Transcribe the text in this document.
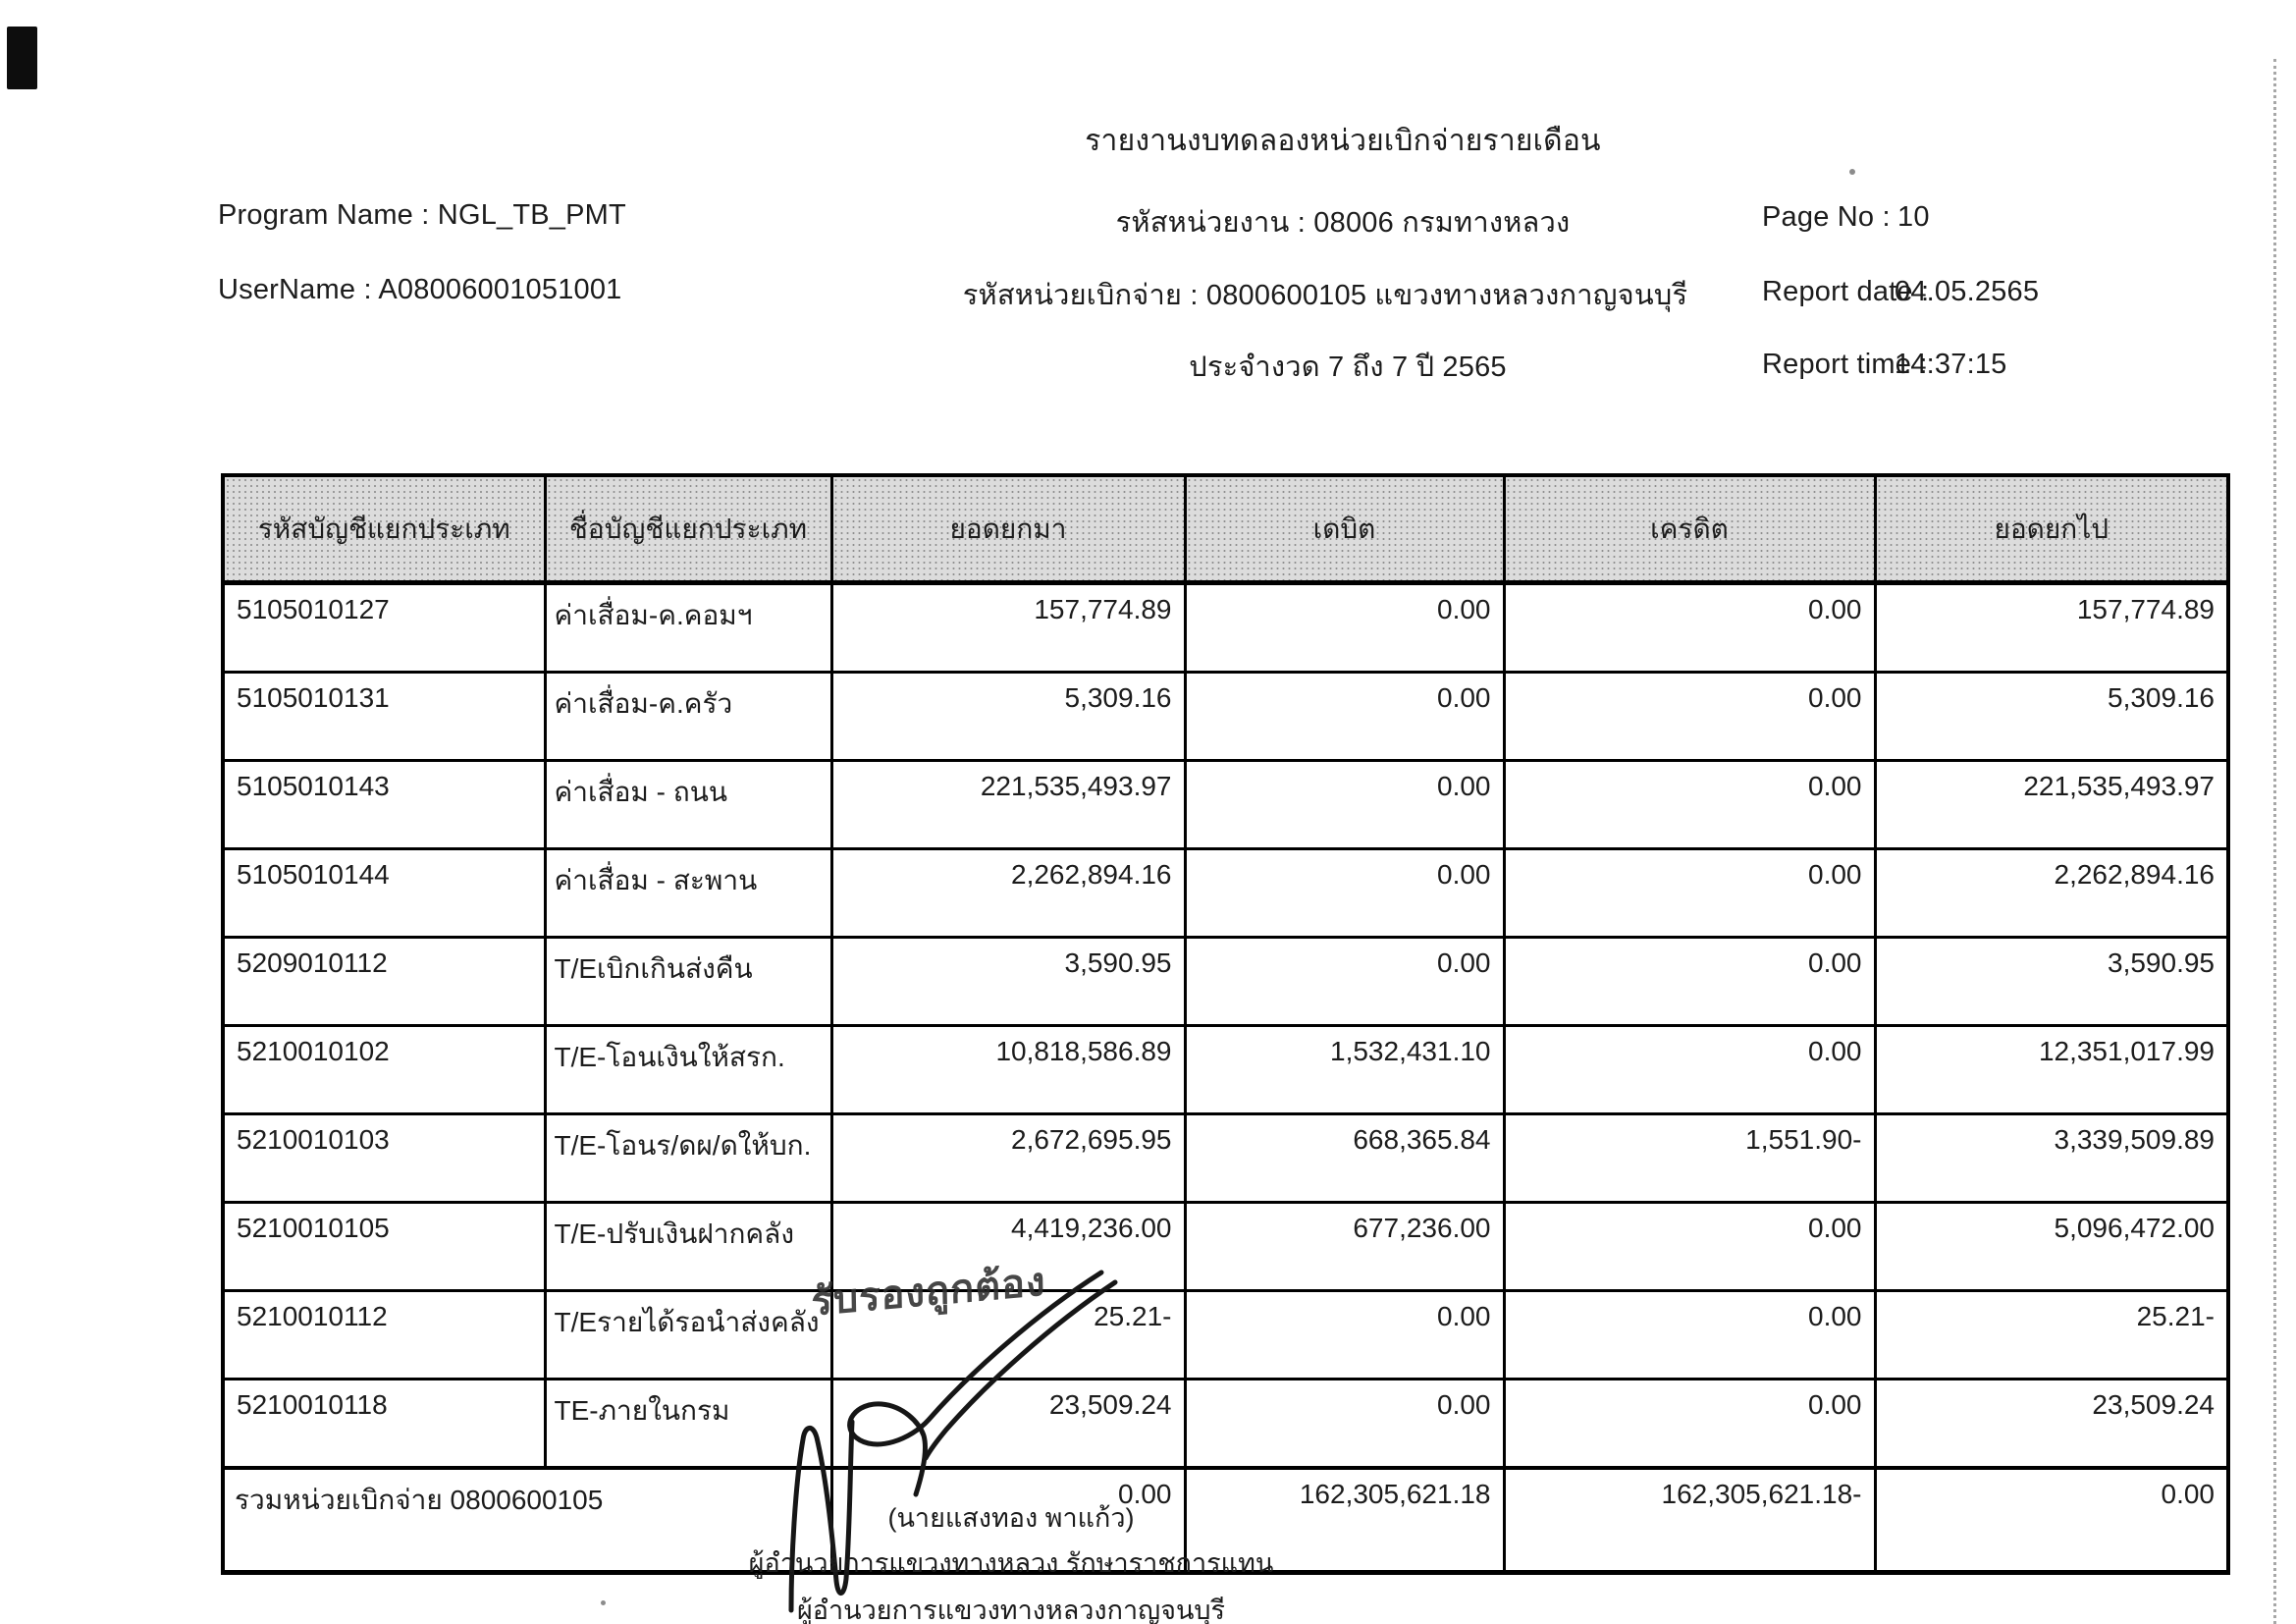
รายงานงบทดลองหน่วยเบิกจ่ายรายเดือน
Program Name : NGL_TB_PMT	รหัสหน่วยงาน : 08006 กรมทางหลวง	Page No : 10
UserName : A08006001051001	รหัสหน่วยเบิกจ่าย : 0800600105 แขวงทางหลวงกาญจนบุรี	Report date :
04.05.2565
ประจำงวด 7 ถึง 7 ปี 2565	Report time :
14:37:15
รหัสบัญชีแยกประเภท	ชื่อบัญชีแยกประเภท	ยอดยกมา	เดบิต	เครดิต	ยอดยกไป
5105010127	ค่าเสื่อม-ค.คอมฯ	157,774.89	0.00	0.00	157,774.89
5105010131	ค่าเสื่อม-ค.ครัว	5,309.16	0.00	0.00	5,309.16
5105010143	ค่าเสื่อม - ถนน	221,535,493.97	0.00	0.00	221,535,493.97
5105010144	ค่าเสื่อม - สะพาน	2,262,894.16	0.00	0.00	2,262,894.16
5209010112	T/Eเบิกเกินส่งคืน	3,590.95	0.00	0.00	3,590.95
5210010102	T/E-โอนเงินให้สรก.	10,818,586.89	1,532,431.10	0.00	12,351,017.99
5210010103	T/E-โอนร/ดผ/ดให้บก.	2,672,695.95	668,365.84	1,551.90-	3,339,509.89
5210010105	T/E-ปรับเงินฝากคลัง	4,419,236.00	677,236.00	0.00	5,096,472.00
5210010112	T/Eรายได้รอนำส่งคลัง	25.21-	0.00	0.00	25.21-
5210010118	TE-ภายในกรม	23,509.24	0.00	0.00	23,509.24
รวมหน่วยเบิกจ่าย 0800600105		0.00	162,305,621.18	162,305,621.18-	0.00
รับรองถูกต้อง
(นายแสงทอง พาแก้ว)
ผู้อำนวยการแขวงทางหลวง รักษาราชการแทน
ผู้อำนวยการแขวงทางหลวงกาญจนบุรี
